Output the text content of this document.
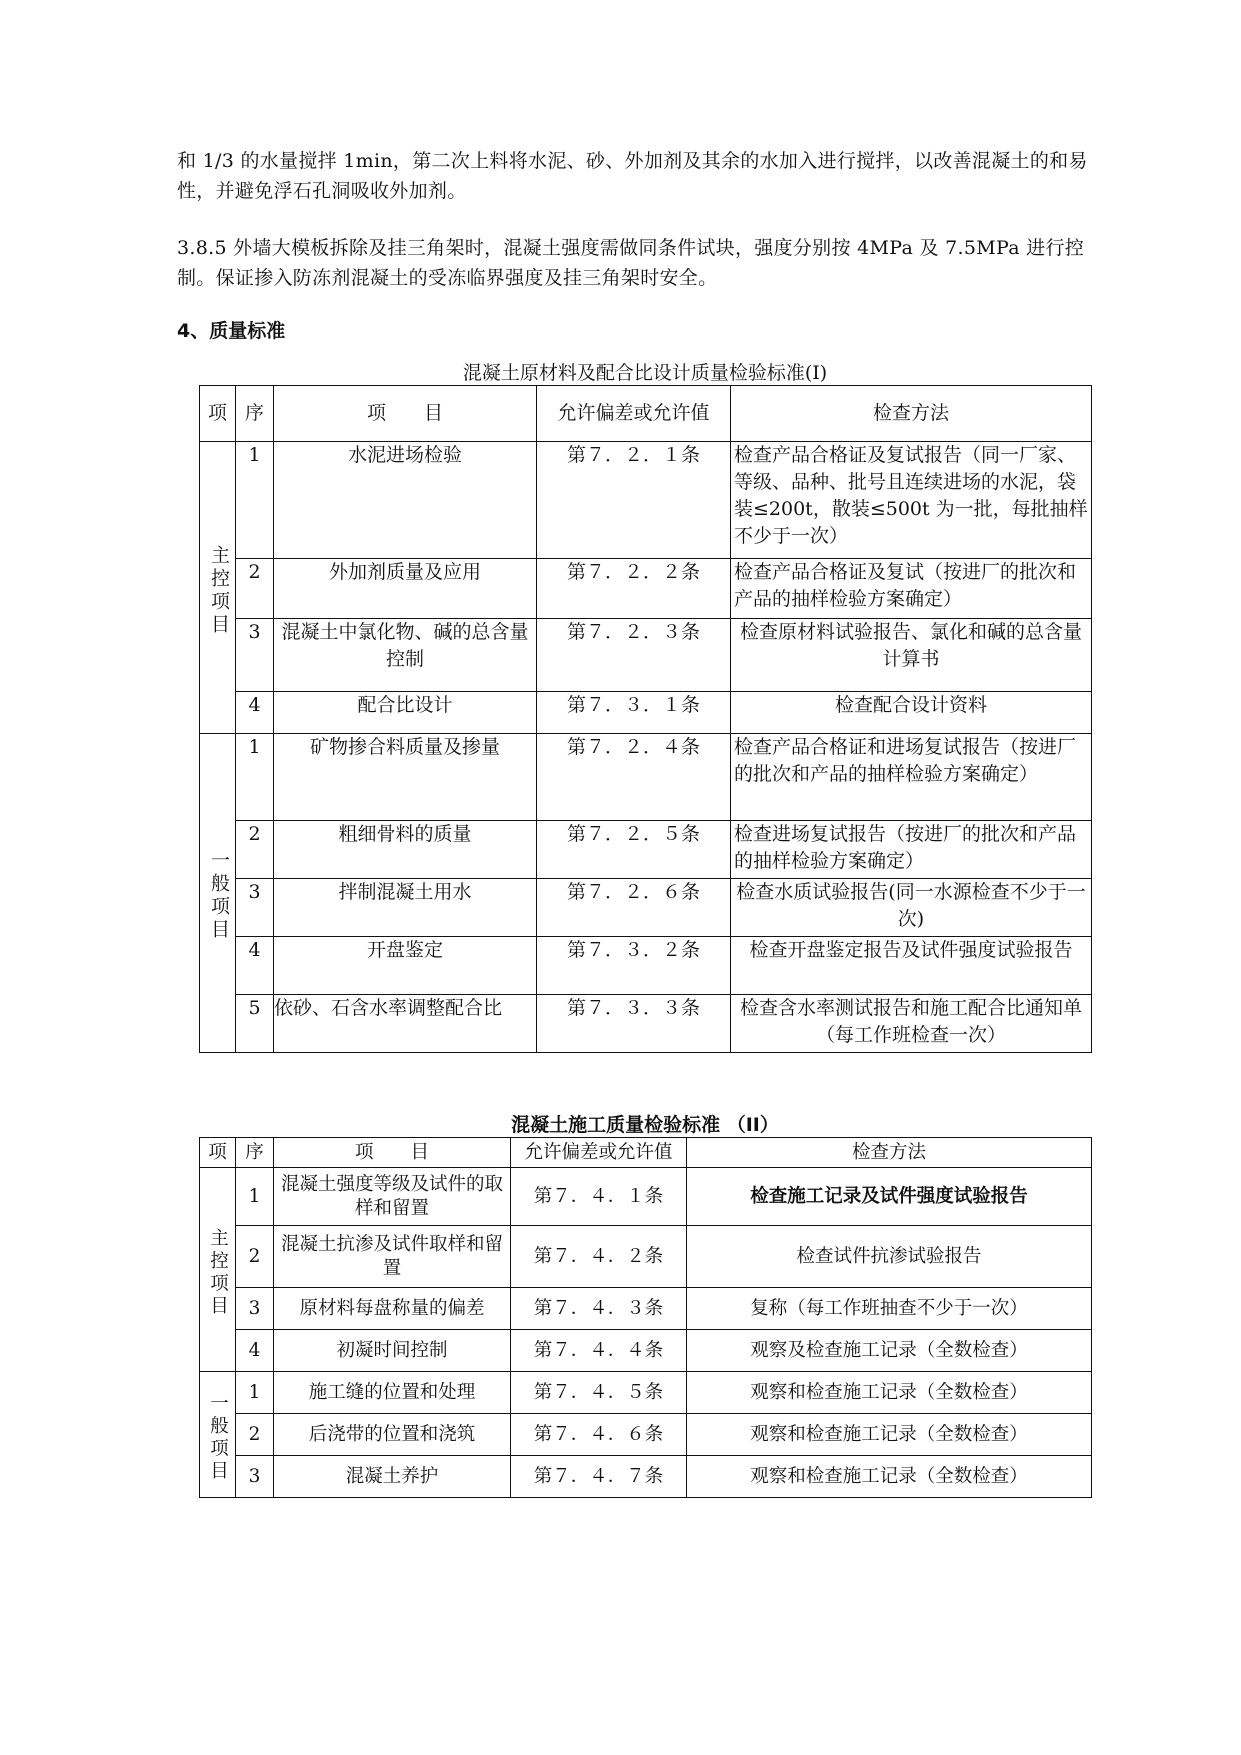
和 1/3 的水量搅拌 1min，第二次上料将水泥、砂、外加剂及其余的水加入进行搅拌，以改善混凝土的和易性，并避免浮石孔洞吸收外加剂。

3.8.5 外墙大模板拆除及挂三角架时，混凝土强度需做同条件试块，强度分别按 4MPa 及 7.5MPa 进行控制。保证掺入防冻剂混凝土的受冻临界强度及挂三角架时安全。

4、质量标准

混凝土原材料及配合比设计质量检验标准(I)

项	序	项　　目	允许偏差或允许值	检查方法
主控项目	1	水泥进场检验	第７．２．１条	检查产品合格证及复试报告（同一厂家、等级、品种、批号且连续进场的水泥，袋装≤200t，散装≤500t 为一批，每批抽样不少于一次）
	2	外加剂质量及应用	第７．２．２条	检查产品合格证及复试（按进厂的批次和产品的抽样检验方案确定）
	3	混凝土中氯化物、碱的总含量控制	第７．２．３条	检查原材料试验报告、氯化和碱的总含量计算书
	4	配合比设计	第７．３．１条	检查配合设计资料
一般项目	1	矿物掺合料质量及掺量	第７．２．４条	检查产品合格证和进场复试报告（按进厂的批次和产品的抽样检验方案确定）
	2	粗细骨料的质量	第７．２．５条	检查进场复试报告（按进厂的批次和产品的抽样检验方案确定）
	3	拌制混凝土用水	第７．２．６条	检查水质试验报告(同一水源检查不少于一次)
	4	开盘鉴定	第７．３．２条	检查开盘鉴定报告及试件强度试验报告
	5	依砂、石含水率调整配合比	第７．３．３条	检查含水率测试报告和施工配合比通知单（每工作班检查一次）

混凝土施工质量检验标准 （II）

项	序	项　　目	允许偏差或允许值	检查方法
主控项目	1	混凝土强度等级及试件的取样和留置	第７．４．１条	检查施工记录及试件强度试验报告
	2	混凝土抗渗及试件取样和留置	第７．４．２条	检查试件抗渗试验报告
	3	原材料每盘称量的偏差	第７．４．３条	复称（每工作班抽查不少于一次）
	4	初凝时间控制	第７．４．４条	观察及检查施工记录（全数检查）
一般项目	1	施工缝的位置和处理	第７．４．５条	观察和检查施工记录（全数检查）
	2	后浇带的位置和浇筑	第７．４．６条	观察和检查施工记录（全数检查）
	3	混凝土养护	第７．４．７条	观察和检查施工记录（全数检查）
